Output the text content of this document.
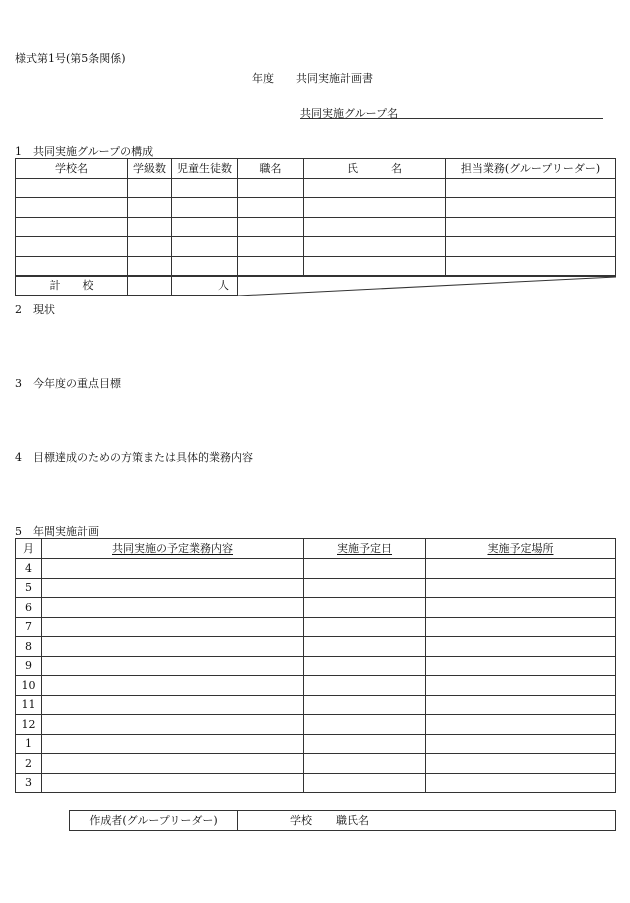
様式第1号(第5条関係)
年度　　共同実施計画書
共同実施グループ名
1　共同実施グループの構成
学校名	学級数	児童生徒数	職名	氏　　　名	担当業務(グループリーダー)

計　　校		人	
2　現状
3　今年度の重点目標
4　目標達成のための方策または具体的業務内容
5　年間実施計画
月	共同実施の予定業務内容	実施予定日	実施予定場所
4			
5			
6			
7			
8			
9			
10			
11			
12			
1			
2			
3			
作成者(グループリーダー)	学校 職氏名
